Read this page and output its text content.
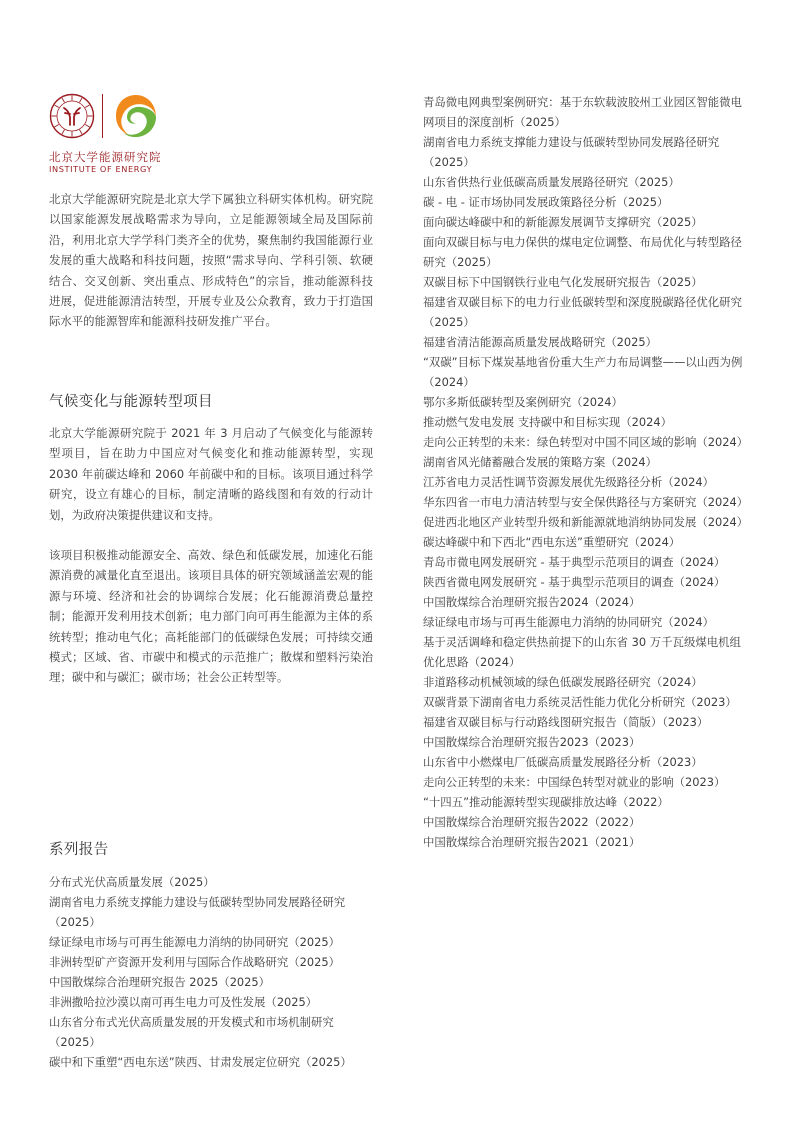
北京大学能源研究院
INSTITUTE OF ENERGY

北京大学能源研究院是北京大学下属独立科研实体机构。研究院以国家能源发展战略需求为导向，立足能源领域全局及国际前沿，利用北京大学学科门类齐全的优势，聚焦制约我国能源行业发展的重大战略和科技问题，按照“需求导向、学科引领、软硬结合、交叉创新、突出重点、形成特色”的宗旨，推动能源科技进展，促进能源清洁转型，开展专业及公众教育，致力于打造国际水平的能源智库和能源科技研发推广平台。

气候变化与能源转型项目

北京大学能源研究院于 2021 年 3 月启动了气候变化与能源转型项目，旨在助力中国应对气候变化和推动能源转型，实现 2030 年前碳达峰和 2060 年前碳中和的目标。该项目通过科学研究，设立有雄心的目标，制定清晰的路线图和有效的行动计划，为政府决策提供建议和支持。

该项目积极推动能源安全、高效、绿色和低碳发展，加速化石能源消费的减量化直至退出。该项目具体的研究领域涵盖宏观的能源与环境、经济和社会的协调综合发展；化石能源消费总量控制；能源开发利用技术创新；电力部门向可再生能源为主体的系统转型；推动电气化；高耗能部门的低碳绿色发展；可持续交通模式；区域、省、市碳中和模式的示范推广；散煤和塑料污染治理；碳中和与碳汇；碳市场；社会公正转型等。

系列报告
分布式光伏高质量发展（2025）
湖南省电力系统支撑能力建设与低碳转型协同发展路径研究（2025）
绿证绿电市场与可再生能源电力消纳的协同研究（2025）
非洲转型矿产资源开发利用与国际合作战略研究（2025）
中国散煤综合治理研究报告 2025（2025）
非洲撒哈拉沙漠以南可再生电力可及性发展（2025）
山东省分布式光伏高质量发展的开发模式和市场机制研究（2025）
碳中和下重塑“西电东送”陕西、甘肃发展定位研究（2025）
青岛微电网典型案例研究：基于东软载波胶州工业园区智能微电网项目的深度剖析（2025）
湖南省电力系统支撑能力建设与低碳转型协同发展路径研究（2025）
山东省供热行业低碳高质量发展路径研究（2025）
碳 - 电 - 证市场协同发展政策路径分析（2025）
面向碳达峰碳中和的新能源发展调节支撑研究（2025）
面向双碳目标与电力保供的煤电定位调整、布局优化与转型路径研究（2025）
双碳目标下中国钢铁行业电气化发展研究报告（2025）
福建省双碳目标下的电力行业低碳转型和深度脱碳路径优化研究（2025）
福建省清洁能源高质量发展战略研究（2025）
“双碳”目标下煤炭基地省份重大生产力布局调整——以山西为例（2024）
鄂尔多斯低碳转型及案例研究（2024）
推动燃气发电发展 支持碳中和目标实现（2024）
走向公正转型的未来：绿色转型对中国不同区域的影响（2024）
湖南省风光储蓄融合发展的策略方案（2024）
江苏省电力灵活性调节资源发展优先级路径分析（2024）
华东四省一市电力清洁转型与安全保供路径与方案研究（2024）
促进西北地区产业转型升级和新能源就地消纳协同发展（2024）
碳达峰碳中和下西北“西电东送”重塑研究（2024）
青岛市微电网发展研究 - 基于典型示范项目的调查（2024）
陕西省微电网发展研究 - 基于典型示范项目的调查（2024）
中国散煤综合治理研究报告2024（2024）
绿证绿电市场与可再生能源电力消纳的协同研究（2024）
基于灵活调峰和稳定供热前提下的山东省 30 万千瓦级煤电机组优化思路（2024）
非道路移动机械领域的绿色低碳发展路径研究（2024）
双碳背景下湖南省电力系统灵活性能力优化分析研究（2023）
福建省双碳目标与行动路线图研究报告（简版）（2023）
中国散煤综合治理研究报告2023（2023）
山东省中小燃煤电厂低碳高质量发展路径分析（2023）
走向公正转型的未来：中国绿色转型对就业的影响（2023）
“十四五”推动能源转型实现碳排放达峰（2022）
中国散煤综合治理研究报告2022（2022）
中国散煤综合治理研究报告2021（2021）
